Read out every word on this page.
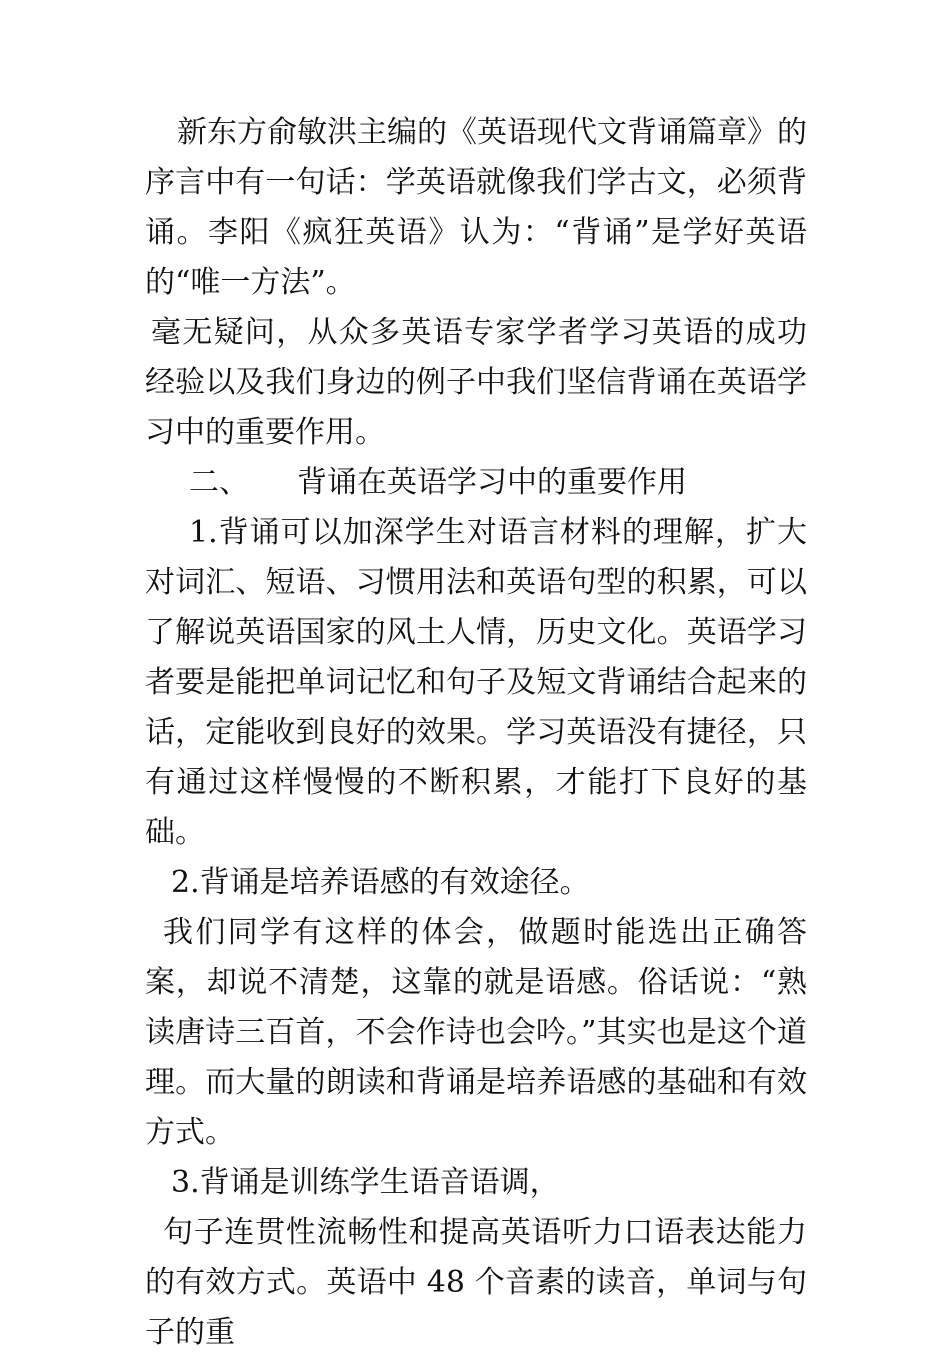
新东方俞敏洪主编的《英语现代文背诵篇章》的序言中有一句话：学英语就像我们学古文，必须背诵。李阳《疯狂英语》认为：“背诵”是学好英语的“唯一方法”。

毫无疑问，从众多英语专家学者学习英语的成功经验以及我们身边的例子中我们坚信背诵在英语学习中的重要作用。

二、 背诵在英语学习中的重要作用

1.背诵可以加深学生对语言材料的理解，扩大对词汇、短语、习惯用法和英语句型的积累，可以了解说英语国家的风土人情，历史文化。英语学习者要是能把单词记忆和句子及短文背诵结合起来的话，定能收到良好的效果。学习英语没有捷径，只有通过这样慢慢的不断积累，才能打下良好的基础。

2.背诵是培养语感的有效途径。

我们同学有这样的体会，做题时能选出正确答案，却说不清楚，这靠的就是语感。俗话说：“熟读唐诗三百首，不会作诗也会吟。”其实也是这个道理。而大量的朗读和背诵是培养语感的基础和有效方式。

3.背诵是训练学生语音语调，

句子连贯性流畅性和提高英语听力口语表达能力的有效方式。英语中 48 个音素的读音，单词与句子的重
